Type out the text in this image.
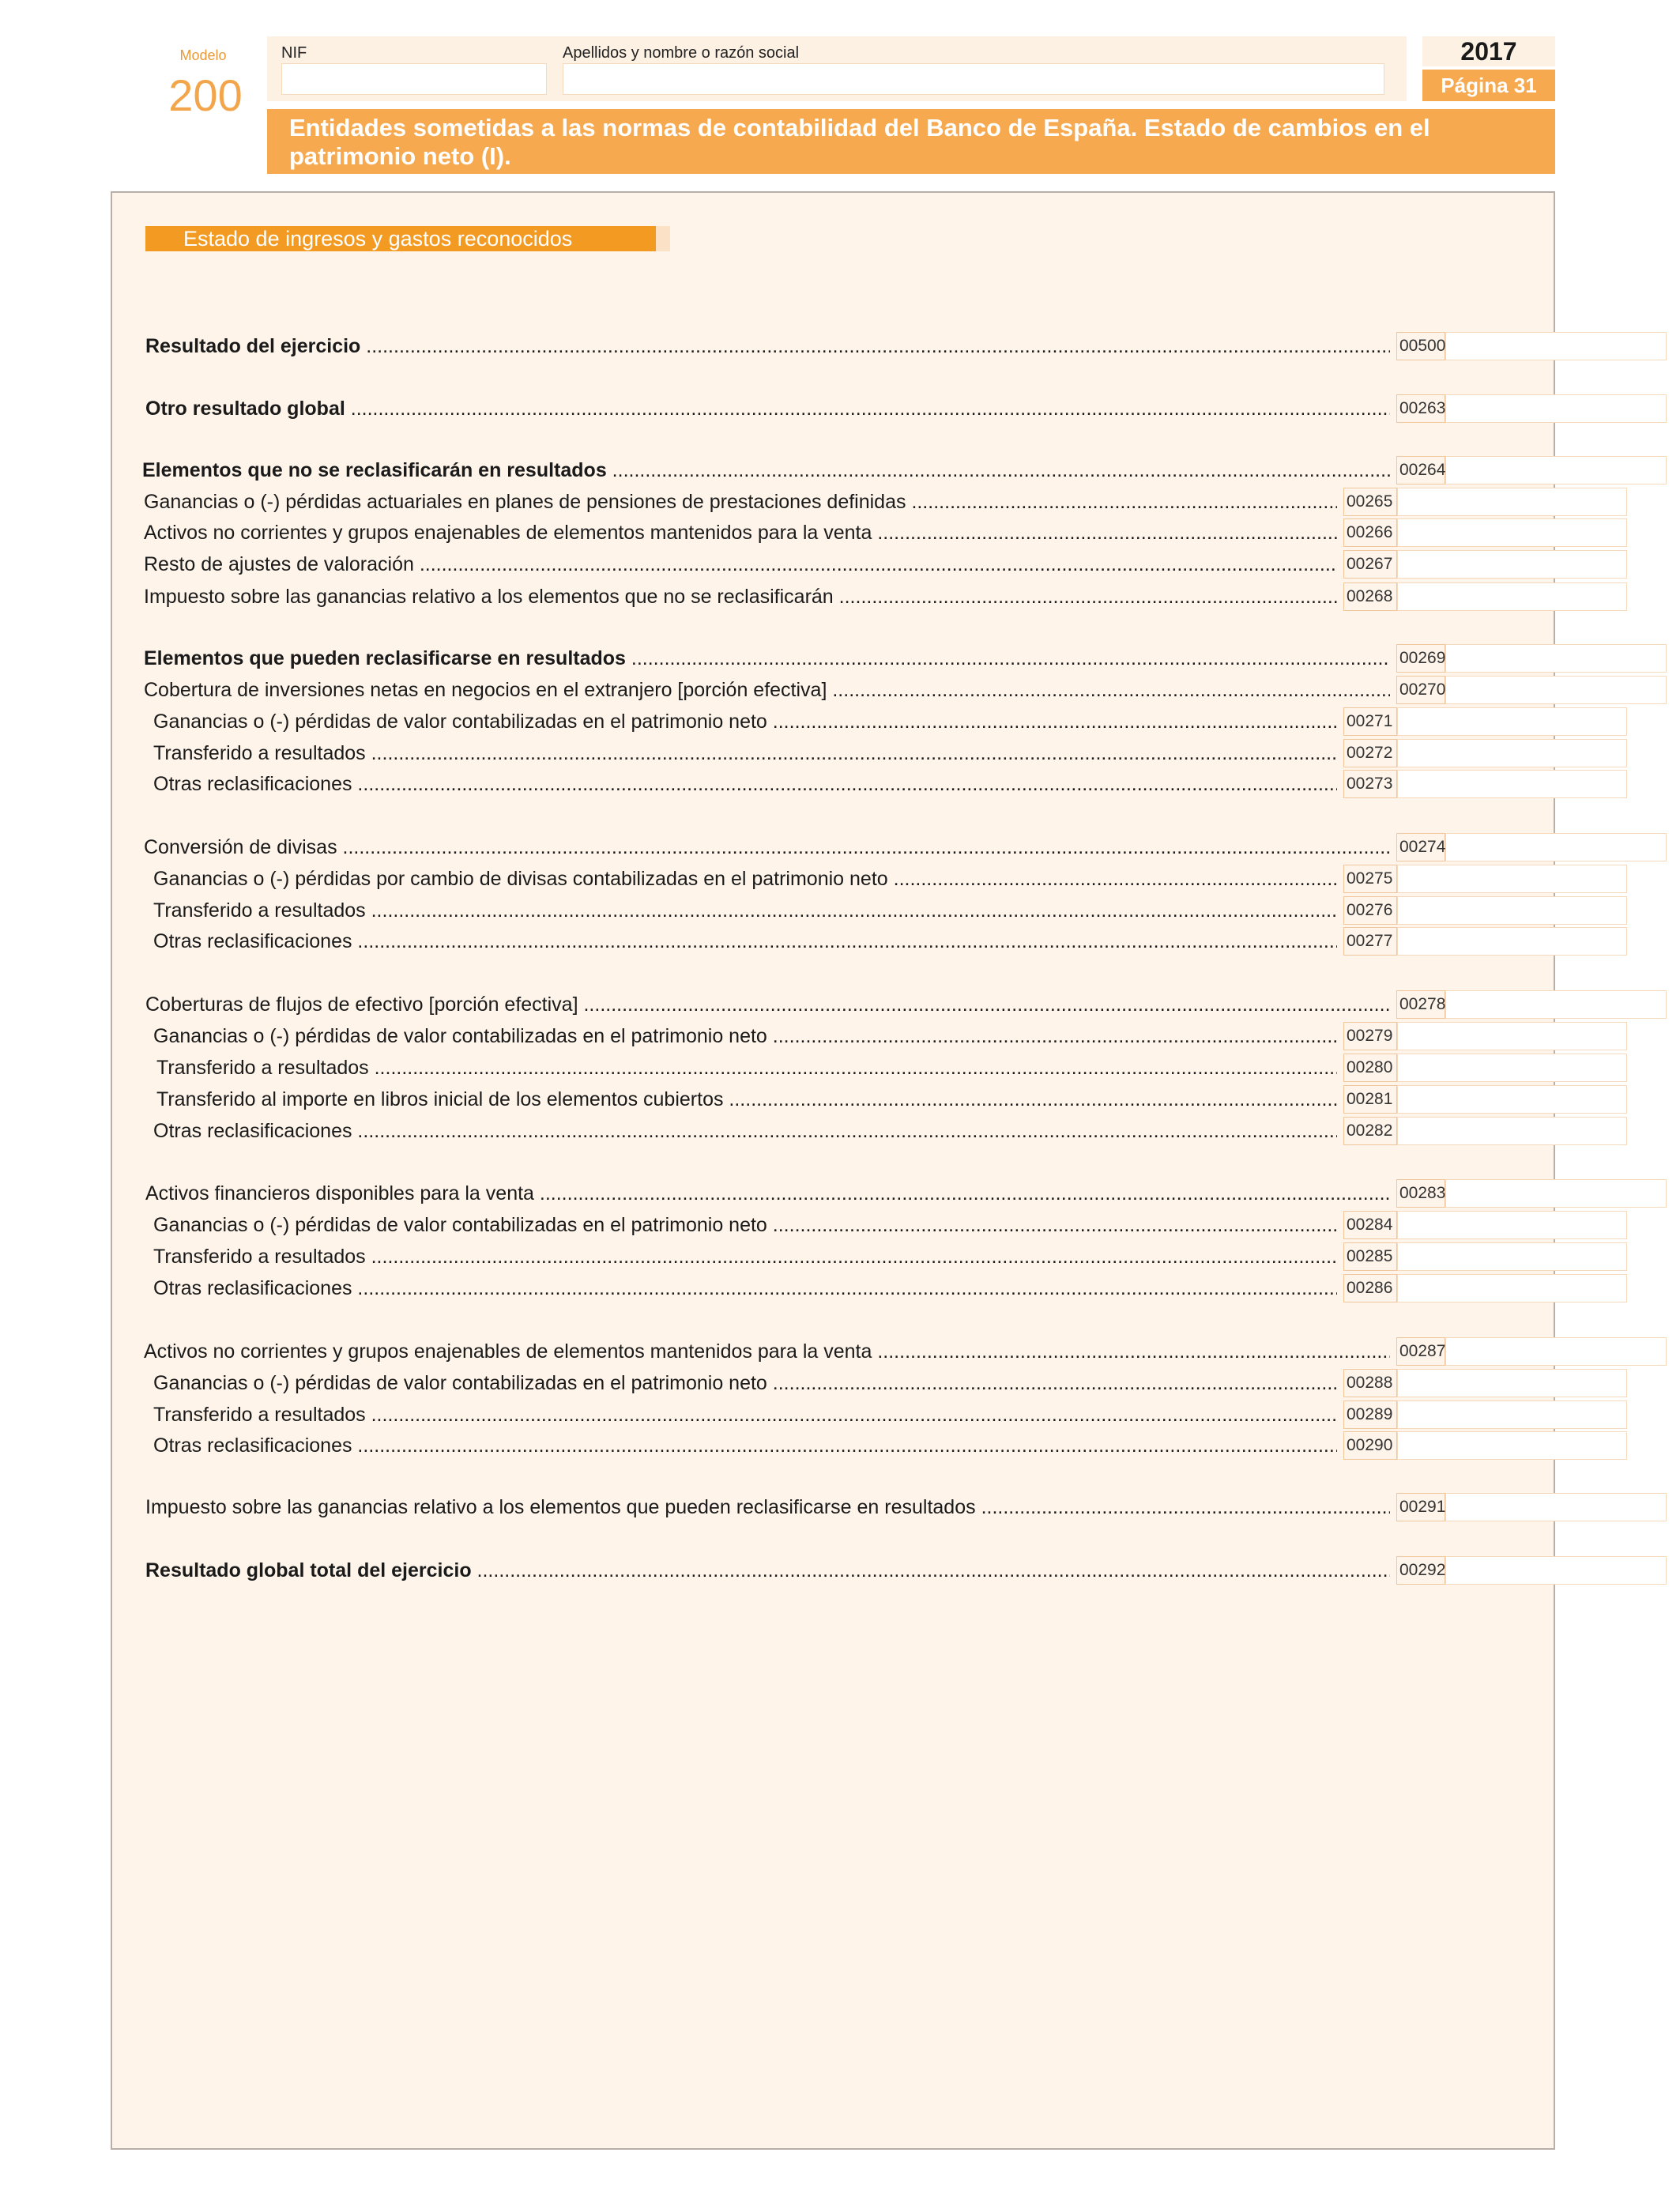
Modelo
200
NIF	Apellidos y nombre o razón social	2017
Página 31
Entidades sometidas a las normas de contabilidad del Banco de España. Estado de cambios en el patrimonio neto (I).
Estado de ingresos y gastos reconocidos
Resultado del ejercicio .....	00500
Otro resultado global .....	00263
Elementos que no se reclasificarán en resultados .....	00264
Ganancias o (-) pérdidas actuariales en planes de pensiones de prestaciones definidas .....	00265
Activos no corrientes y grupos enajenables de elementos mantenidos para la venta .....	00266
Resto de ajustes de valoración .....	00267
Impuesto sobre las ganancias relativo a los elementos que no se reclasificarán .....	00268
Elementos que pueden reclasificarse en resultados .....	00269
Cobertura de inversiones netas en negocios en el extranjero [porción efectiva] .....	00270
Ganancias o (-) pérdidas de valor contabilizadas en el patrimonio neto .....	00271
Transferido a resultados .....	00272
Otras reclasificaciones .....	00273
Conversión de divisas .....	00274
Ganancias o (-) pérdidas por cambio de divisas contabilizadas en el patrimonio neto .....	00275
Transferido a resultados .....	00276
Otras reclasificaciones .....	00277
Coberturas de flujos de efectivo [porción efectiva] .....	00278
Ganancias o (-) pérdidas de valor contabilizadas en el patrimonio neto .....	00279
Transferido a resultados .....	00280
Transferido al importe en libros inicial de los elementos cubiertos .....	00281
Otras reclasificaciones .....	00282
Activos financieros disponibles para la venta .....	00283
Ganancias o (-) pérdidas de valor contabilizadas en el patrimonio neto .....	00284
Transferido a resultados .....	00285
Otras reclasificaciones .....	00286
Activos no corrientes y grupos enajenables de elementos mantenidos para la venta .....	00287
Ganancias o (-) pérdidas de valor contabilizadas en el patrimonio neto .....	00288
Transferido a resultados .....	00289
Otras reclasificaciones .....	00290
Impuesto sobre las ganancias relativo a los elementos que pueden reclasificarse en resultados .....	00291
Resultado global total del ejercicio .....	00292
